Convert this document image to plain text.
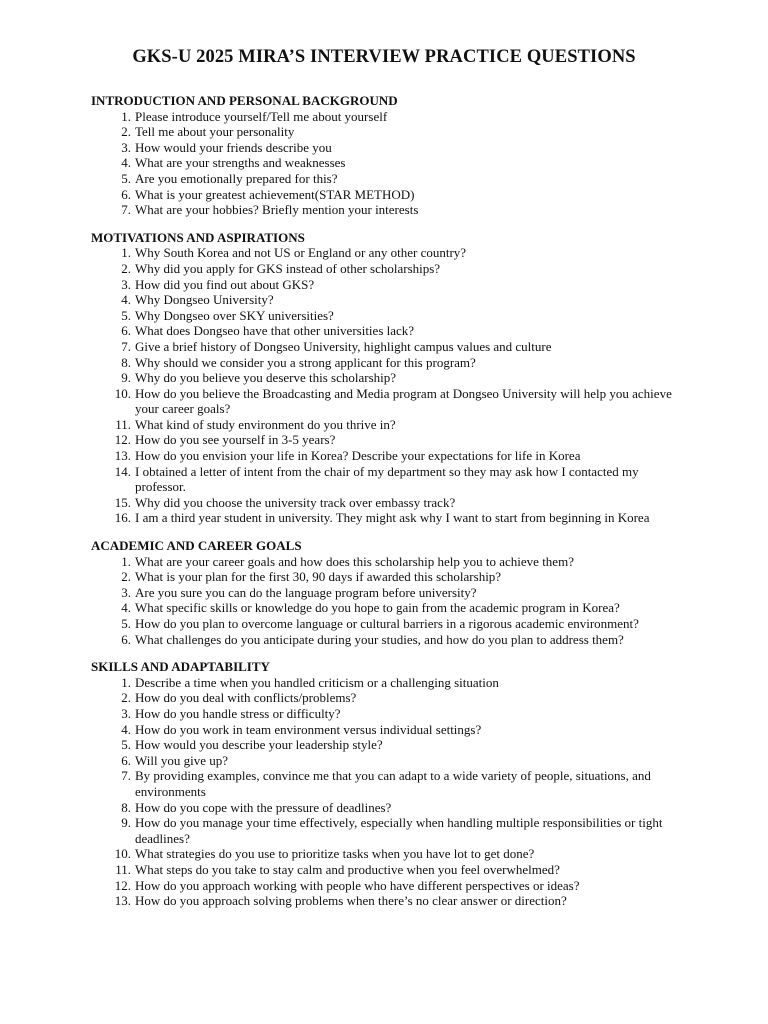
GKS-U 2025 MIRA’S INTERVIEW PRACTICE QUESTIONS
INTRODUCTION AND PERSONAL BACKGROUND
1. Please introduce yourself/Tell me about yourself
2. Tell me about your personality
3. How would your friends describe you
4. What are your strengths and weaknesses
5. Are you emotionally prepared for this?
6. What is your greatest achievement(STAR METHOD)
7. What are your hobbies? Briefly mention your interests
MOTIVATIONS AND ASPIRATIONS
1. Why South Korea and not US or England or any other country?
2. Why did you apply for GKS instead of other scholarships?
3. How did you find out about GKS?
4. Why Dongseo University?
5. Why Dongseo over SKY universities?
6. What does Dongseo have that other universities lack?
7. Give a brief history of Dongseo University, highlight campus values and culture
8. Why should we consider you a strong applicant for this program?
9. Why do you believe you deserve this scholarship?
10. How do you believe the Broadcasting and Media program at Dongseo University will help you achieve your career goals?
11. What kind of study environment do you thrive in?
12. How do you see yourself in 3-5 years?
13. How do you envision your life in Korea? Describe your expectations for life in Korea
14. I obtained a letter of intent from the chair of my department so they may ask how I contacted my professor.
15. Why did you choose the university track over embassy track?
16. I am a third year student in university. They might ask why I want to start from beginning in Korea
ACADEMIC AND CAREER GOALS
1. What are your career goals and how does this scholarship help you to achieve them?
2. What is your plan for the first 30, 90 days if awarded this scholarship?
3. Are you sure you can do the language program before university?
4. What specific skills or knowledge do you hope to gain from the academic program in Korea?
5. How do you plan to overcome language or cultural barriers in a rigorous academic environment?
6. What challenges do you anticipate during your studies, and how do you plan to address them?
SKILLS AND ADAPTABILITY
1. Describe a time when you handled criticism or a challenging situation
2. How do you deal with conflicts/problems?
3. How do you handle stress or difficulty?
4. How do you work in team environment versus individual settings?
5. How would you describe your leadership style?
6. Will you give up?
7. By providing examples, convince me that you can adapt to a wide variety of people, situations, and environments
8. How do you cope with the pressure of deadlines?
9. How do you manage your time effectively, especially when handling multiple responsibilities or tight deadlines?
10. What strategies do you use to prioritize tasks when you have lot to get done?
11. What steps do you take to stay calm and productive when you feel overwhelmed?
12. How do you approach working with people who have different perspectives or ideas?
13. How do you approach solving problems when there’s no clear answer or direction?
